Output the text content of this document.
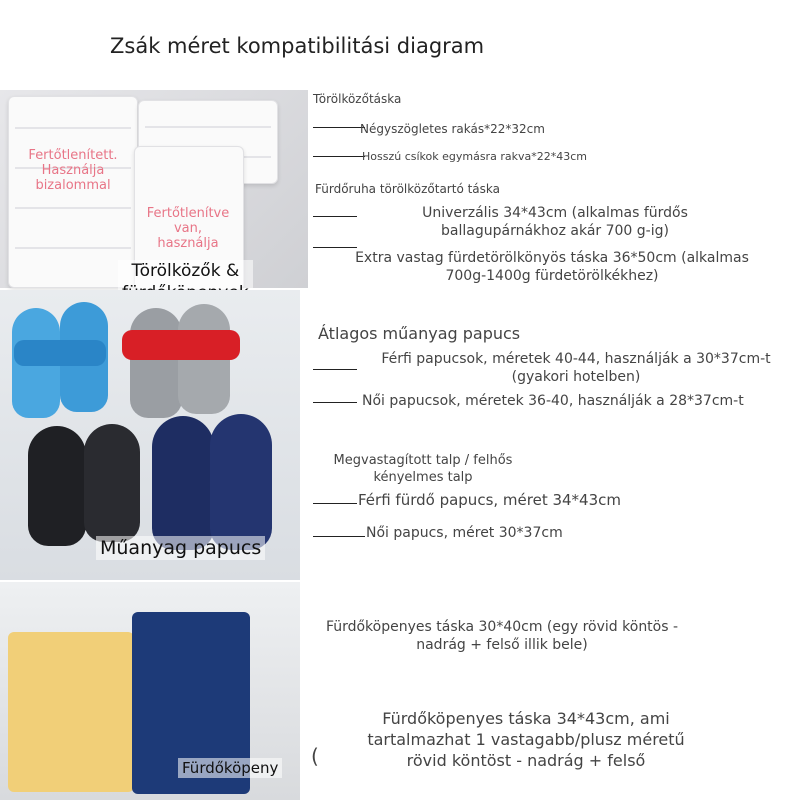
Zsák méret kompatibilitási diagram
Fertőtlenített.
Használja
bizalommal
Fertőtlenítve
van,
használja
Törölközők &

Műanyag papucs
Fürdőköpeny
Törölközőtáska
Négyszögletes rakás*22*32cm
Hosszú csíkok egymásra rakva*22*43cm
Fürdőruha törölközőtartó táska
Univerzális 34*43cm (alkalmas fürdős ballagupárnákhoz akár 700 g-ig)
Extra vastag fürdetörölkönyös táska 36*50cm (alkalmas 700g-1400g fürdetörölkékhez)
Átlagos műanyag papucs
Férfi papucsok, méretek 40-44, használják a 30*37cm-t (gyakori hotelben)
Női papucsok, méretek 36-40, használják a 28*37cm-t
Megvastagított talp / felhős kényelmes talp
Férfi fürdő papucs, méret 34*43cm
Női papucs, méret 30*37cm
Fürdőköpenyes táska 30*40cm (egy rövid köntös - nadrág + felső illik bele)
Fürdőköpenyes táska 34*43cm, ami tartalmazhat 1 vastagabb/plusz méretű rövid köntöst - nadrág + felső
(
